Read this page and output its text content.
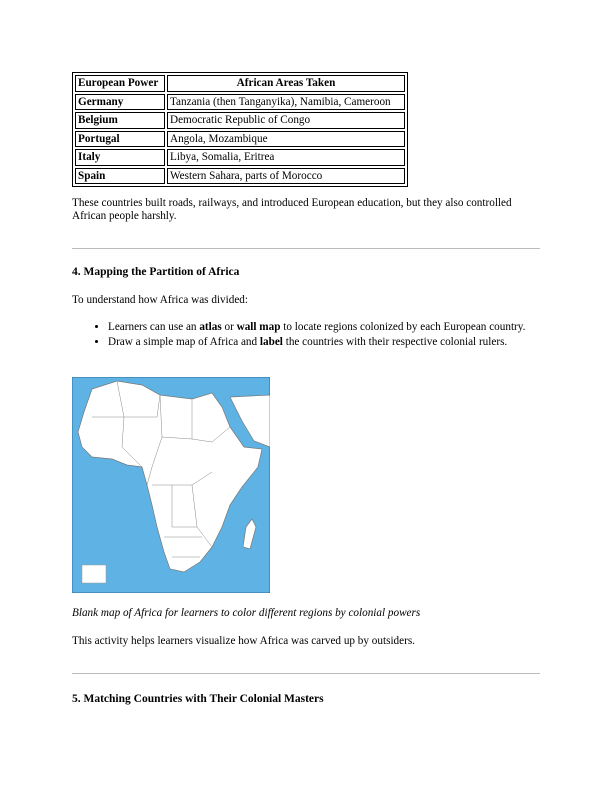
European Power	African Areas Taken
Germany	Tanzania (then Tanganyika), Namibia, Cameroon
Belgium	Democratic Republic of Congo
Portugal	Angola, Mozambique
Italy	Libya, Somalia, Eritrea
Spain	Western Sahara, parts of Morocco

These countries built roads, railways, and introduced European education, but they also controlled African people harshly.

4. Mapping the Partition of Africa

To understand how Africa was divided:

• Learners can use an atlas or wall map to locate regions colonized by each European country.
• Draw a simple map of Africa and label the countries with their respective colonial rulers.

Blank map of Africa for learners to color different regions by colonial powers

This activity helps learners visualize how Africa was carved up by outsiders.

5. Matching Countries with Their Colonial Masters
